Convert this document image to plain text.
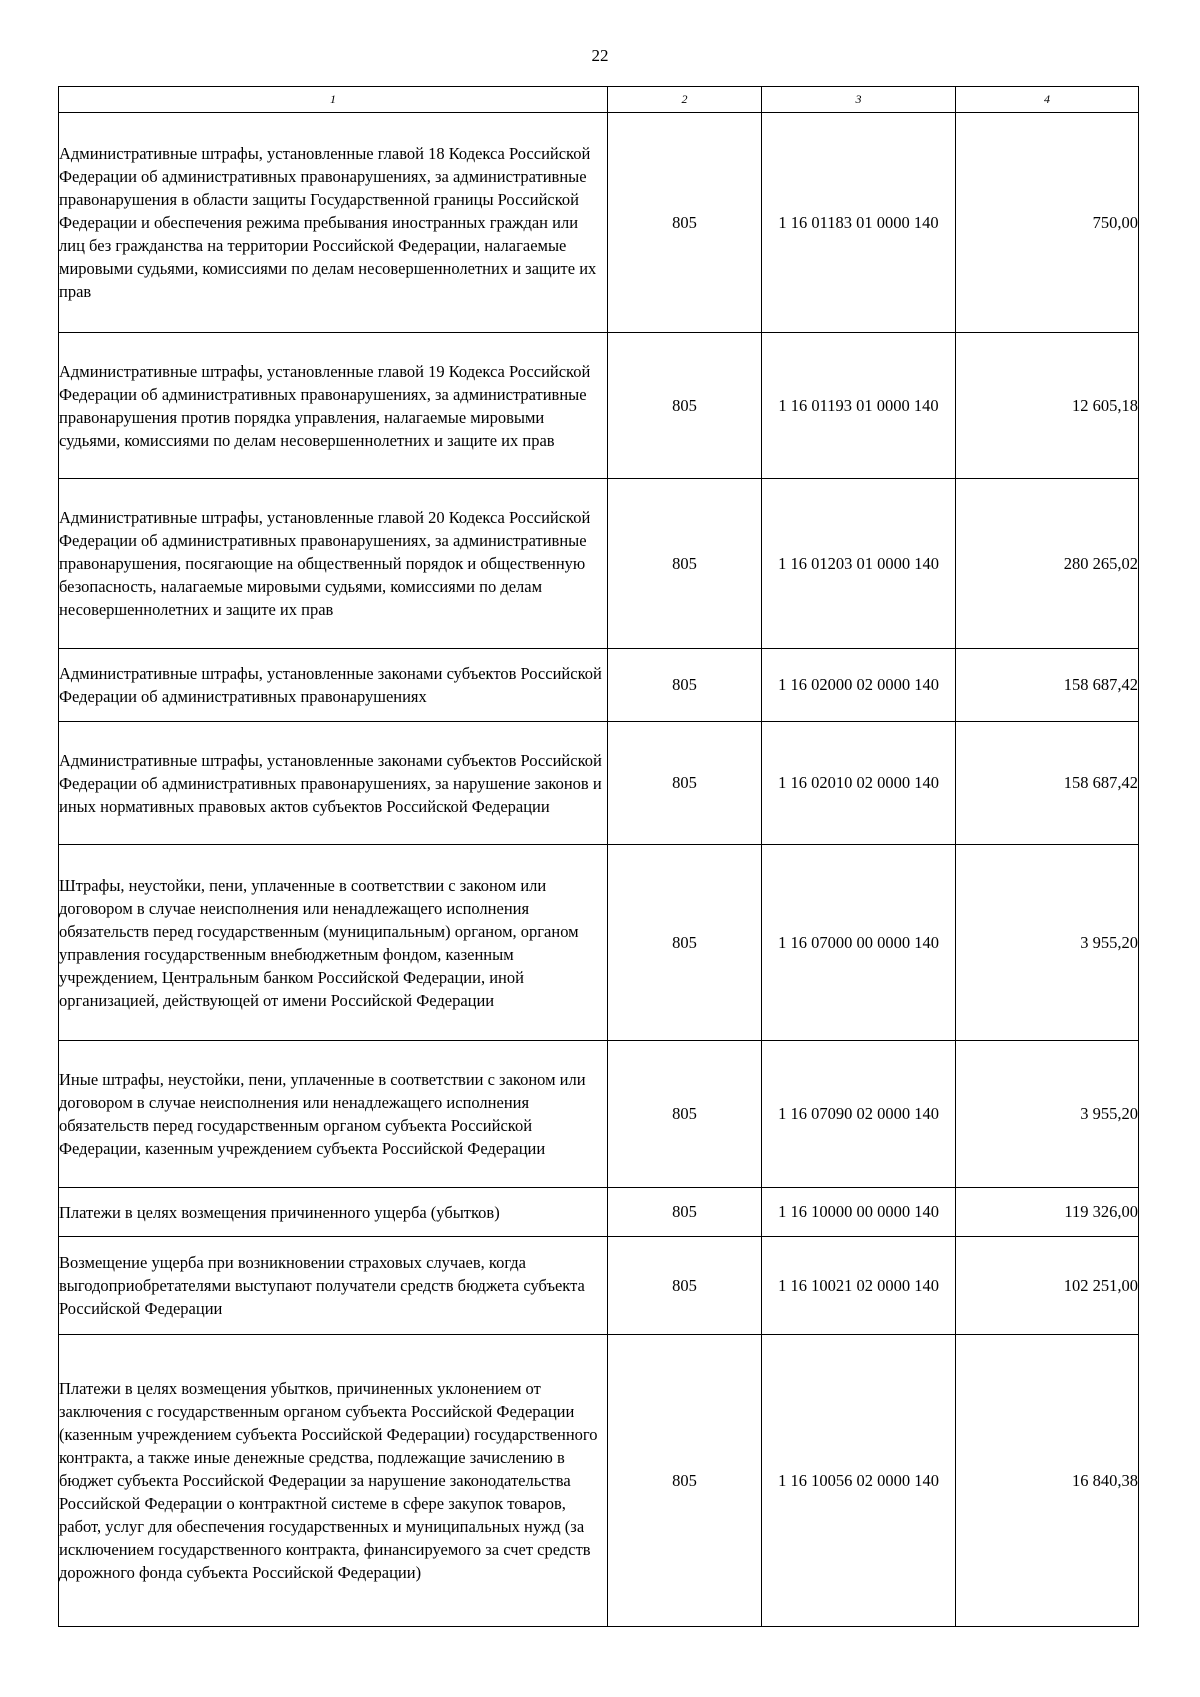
22
1	2	3	4
Административные штрафы, установленные главой 18 Кодекса Российской Федерации об административных правонарушениях, за административные правонарушения в области защиты Государственной границы Российской Федерации и обеспечения режима пребывания иностранных граждан или лиц без гражданства на территории Российской Федерации, налагаемые мировыми судьями, комиссиями по делам несовершеннолетних и защите их прав	805	1 16 01183 01 0000 140	750,00
Административные штрафы, установленные главой 19 Кодекса Российской Федерации об административных правонарушениях, за административные правонарушения против порядка управления, налагаемые мировыми судьями, комиссиями по делам несовершеннолетних и защите их прав	805	1 16 01193 01 0000 140	12 605,18
Административные штрафы, установленные главой 20 Кодекса Российской Федерации об административных правонарушениях, за административные правонарушения, посягающие на общественный порядок и общественную безопасность, налагаемые мировыми судьями, комиссиями по делам несовершеннолетних и защите их прав	805	1 16 01203 01 0000 140	280 265,02
Административные штрафы, установленные законами субъектов Российской Федерации об административных правонарушениях	805	1 16 02000 02 0000 140	158 687,42
Административные штрафы, установленные законами субъектов Российской Федерации об административных правонарушениях, за нарушение законов и иных нормативных правовых актов субъектов Российской Федерации	805	1 16 02010 02 0000 140	158 687,42
Штрафы, неустойки, пени, уплаченные в соответствии с законом или договором в случае неисполнения или ненадлежащего исполнения обязательств перед государственным (муниципальным) органом, органом управления государственным внебюджетным фондом, казенным учреждением, Центральным банком Российской Федерации, иной организацией, действующей от имени Российской Федерации	805	1 16 07000 00 0000 140	3 955,20
Иные штрафы, неустойки, пени, уплаченные в соответствии с законом или договором в случае неисполнения или ненадлежащего исполнения обязательств перед государственным органом субъекта Российской Федерации, казенным учреждением субъекта Российской Федерации	805	1 16 07090 02 0000 140	3 955,20
Платежи в целях возмещения причиненного ущерба (убытков)	805	1 16 10000 00 0000 140	119 326,00
Возмещение ущерба при возникновении страховых случаев, когда выгодоприобретателями выступают получатели средств бюджета субъекта Российской Федерации	805	1 16 10021 02 0000 140	102 251,00
Платежи в целях возмещения убытков, причиненных уклонением от заключения с государственным органом субъекта Российской Федерации (казенным учреждением субъекта Российской Федерации) государственного контракта, а также иные денежные средства, подлежащие зачислению в бюджет субъекта Российской Федерации за нарушение законодательства Российской Федерации о контрактной системе в сфере закупок товаров, работ, услуг для обеспечения государственных и муниципальных нужд (за исключением государственного контракта, финансируемого за счет средств дорожного фонда субъекта Российской Федерации)	805	1 16 10056 02 0000 140	16 840,38
